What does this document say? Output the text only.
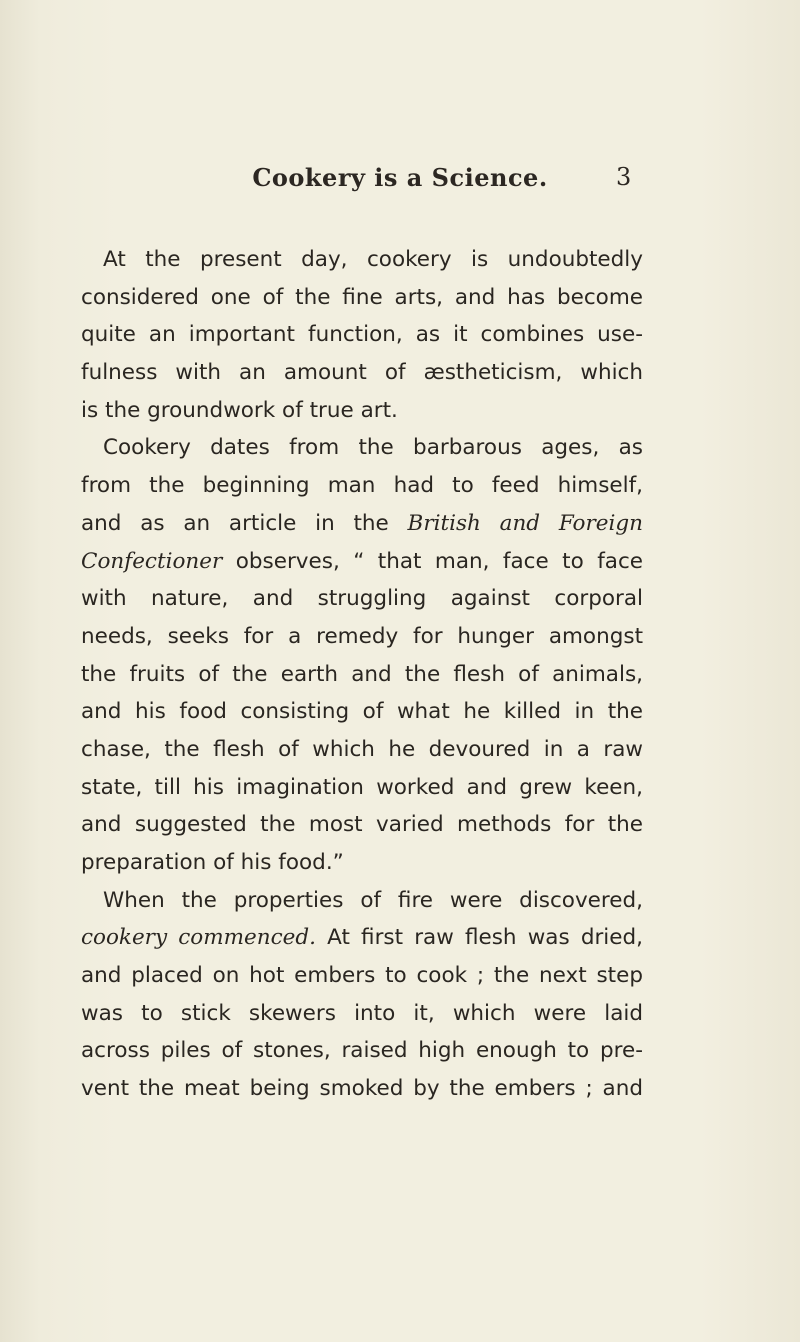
Cookery is a Science.	3
At the present day, cookery is undoubtedly
considered one of the fine arts, and has become
quite an important function, as it combines use-
fulness with an amount of æstheticism, which
is the groundwork of true art.
Cookery dates from the barbarous ages, as
from the beginning man had to feed himself,
and as an article in the British and Foreign
Confectioner observes, “ that man, face to face
with nature, and struggling against corporal
needs, seeks for a remedy for hunger amongst
the fruits of the earth and the flesh of animals,
and his food consisting of what he killed in the
chase, the flesh of which he devoured in a raw
state, till his imagination worked and grew keen,
and suggested the most varied methods for the
preparation of his food.”
When the properties of fire were discovered,
cookery commenced. At first raw flesh was dried,
and placed on hot embers to cook ; the next step
was to stick skewers into it, which were laid
across piles of stones, raised high enough to pre-
vent the meat being smoked by the embers ; and
